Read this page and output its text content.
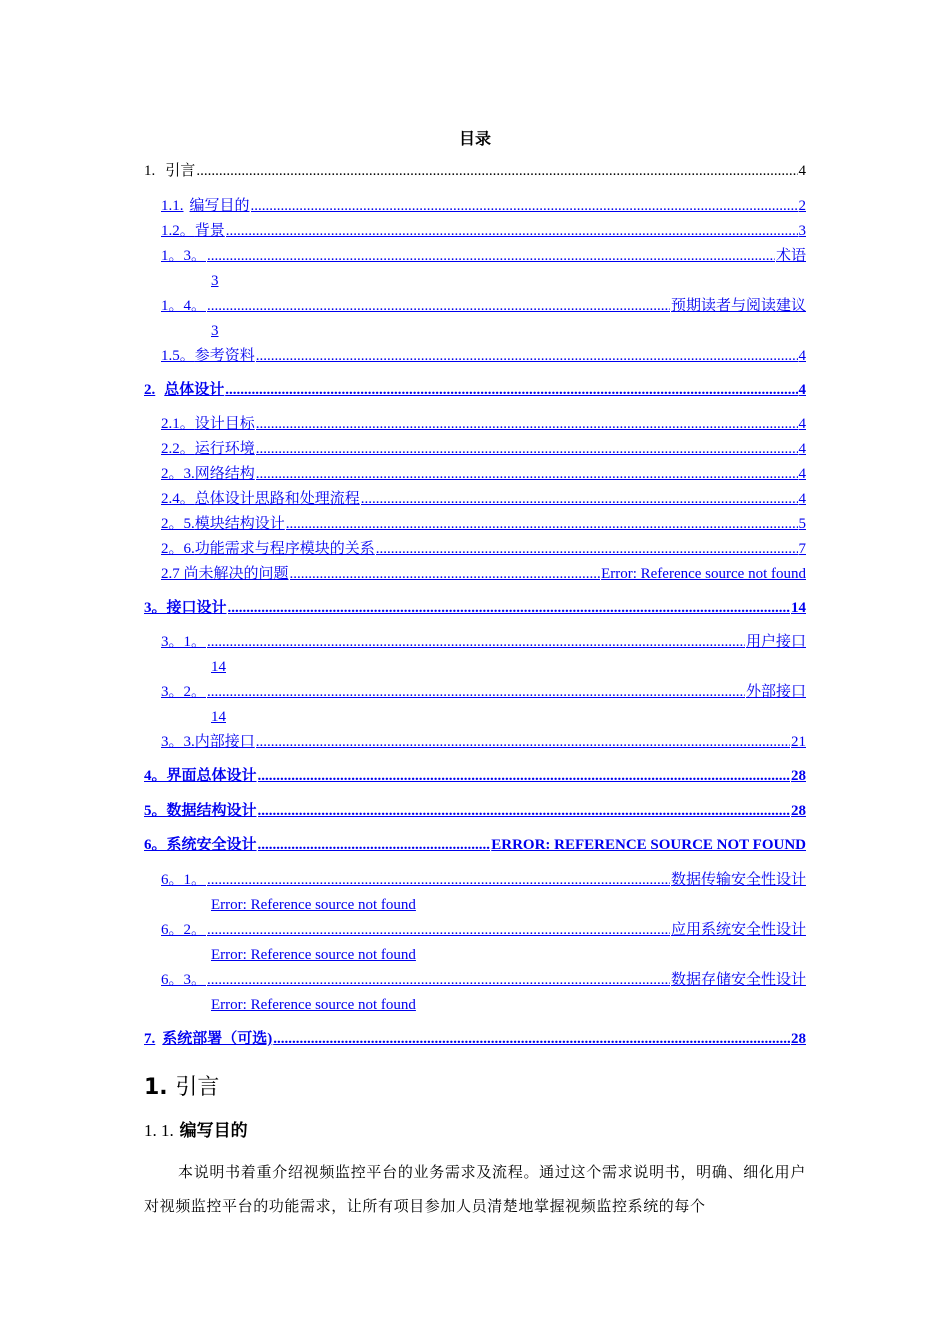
目录
1. 引言 .....	4
1.1. 编写目的 .....	2
1.2。 背景 .....	3
1。3。 .....	术语
3
1。4。 .....	预期读者与阅读建议
3
1.5。 参考资料 .....	4
2. 总体设计 .....	4
2.1。 设计目标 .....	4
2.2。 运行环境 .....	4
2。3. 网络结构 .....	4
2.4。 总体设计思路和处理流程 .....	4
2。5. 模块结构设计 .....	5
2。6. 功能需求与程序模块的关系 .....	7
2.7 尚未解决的问题 .....	Error: Reference source not found
3。 接口设计 .....	14
3。1。 .....	用户接口
14
3。2。 .....	外部接口
14
3。3. 内部接口 .....	21
4。 界面总体设计 .....	28
5。 数据结构设计 .....	28
6。 系统安全设计 .....	ERROR: REFERENCE SOURCE NOT FOUND
6。1。 .....	数据传输安全性设计
Error: Reference source not found
6。2。 .....	应用系统安全性设计
Error: Reference source not found
6。3。 .....	数据存储安全性设计
Error: Reference source not found
7. 系统部署（可选) .....	28
1. 引言
1. 1. 编写目的

本说明书着重介绍视频监控平台的业务需求及流程。通过这个需求说明书，明确、细化用户对视频监控平台的功能需求，让所有项目参加人员清楚地掌握视频监控系统的每个
